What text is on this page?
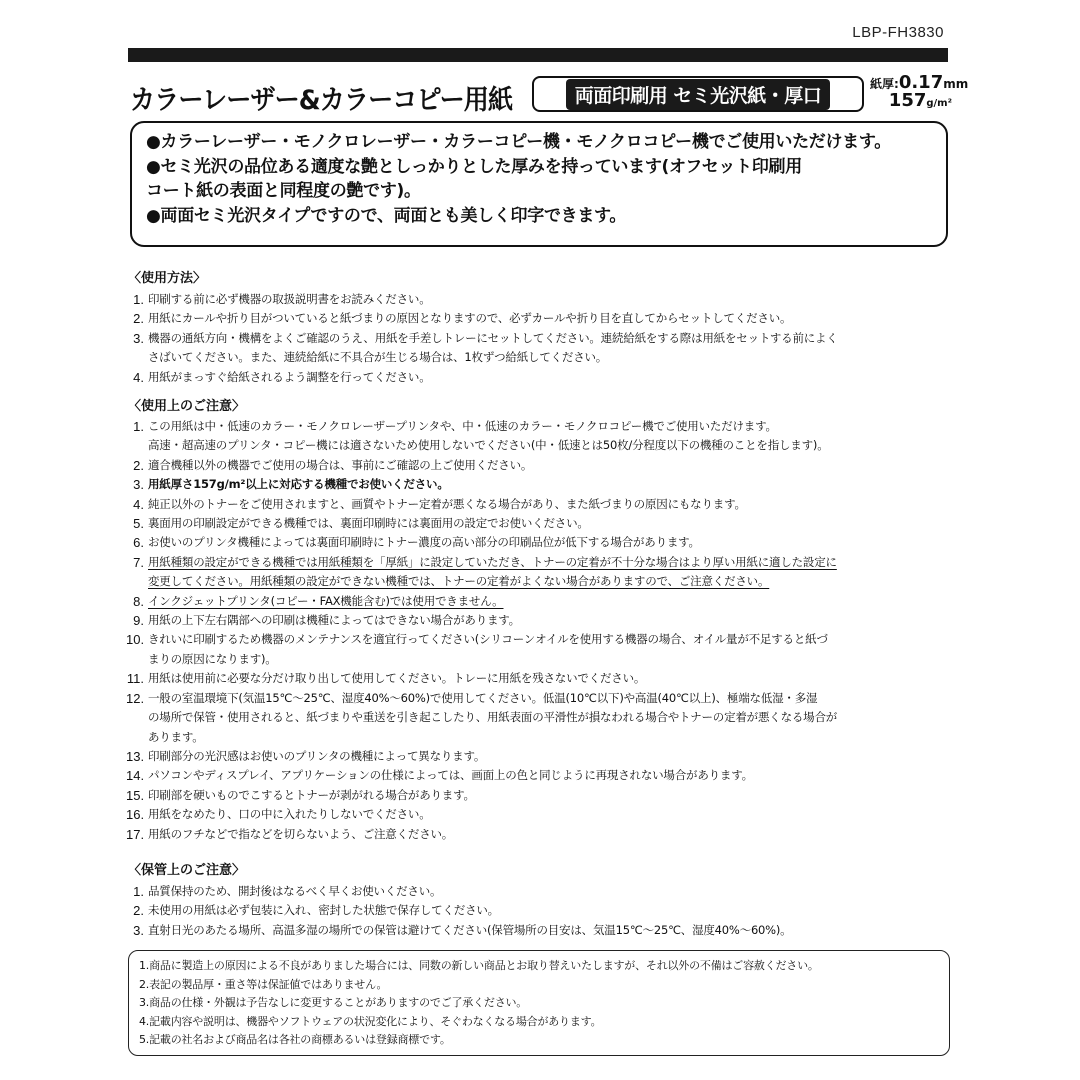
LBP-FH3830
カラーレーザー&カラーコピー用紙	両面印刷用 セミ光沢紙・厚口
紙厚:0.17mm
157g/m²
●カラーレーザー・モノクロレーザー・カラーコピー機・モノクロコピー機でご使用いただけます。
●セミ光沢の品位ある適度な艶としっかりとした厚みを持っています(オフセット印刷用
コート紙の表面と同程度の艶です)。
●両面セミ光沢タイプですので、両面とも美しく印字できます。
〈使用方法〉
1. 印刷する前に必ず機器の取扱説明書をお読みください。
2. 用紙にカールや折り目がついていると紙づまりの原因となりますので、必ずカールや折り目を直してからセットしてください。
3. 機器の通紙方向・機構をよくご確認のうえ、用紙を手差しトレーにセットしてください。連続給紙をする際は用紙をセットする前によく
さばいてください。また、連続給紙に不具合が生じる場合は、1枚ずつ給紙してください。
4. 用紙がまっすぐ給紙されるよう調整を行ってください。
〈使用上のご注意〉
1. この用紙は中・低速のカラー・モノクロレーザープリンタや、中・低速のカラー・モノクロコピー機でご使用いただけます。
高速・超高速のプリンタ・コピー機には適さないため使用しないでください(中・低速とは50枚/分程度以下の機種のことを指します)。
2. 適合機種以外の機器でご使用の場合は、事前にご確認の上ご使用ください。
3. 用紙厚さ157g/m²以上に対応する機種でお使いください。
4. 純正以外のトナーをご使用されますと、画質やトナー定着が悪くなる場合があり、また紙づまりの原因にもなります。
5. 裏面用の印刷設定ができる機種では、裏面印刷時には裏面用の設定でお使いください。
6. お使いのプリンタ機種によっては裏面印刷時にトナー濃度の高い部分の印刷品位が低下する場合があります。
7. 用紙種類の設定ができる機種では用紙種類を「厚紙」に設定していただき、トナーの定着が不十分な場合はより厚い用紙に適した設定に
変更してください。用紙種類の設定ができない機種では、トナーの定着がよくない場合がありますので、ご注意ください。
8. インクジェットプリンタ(コピー・FAX機能含む)では使用できません。
9. 用紙の上下左右隅部への印刷は機種によってはできない場合があります。
10. きれいに印刷するため機器のメンテナンスを適宜行ってください(シリコーンオイルを使用する機器の場合、オイル量が不足すると紙づ
まりの原因になります)。
11. 用紙は使用前に必要な分だけ取り出して使用してください。トレーに用紙を残さないでください。
12. 一般の室温環境下(気温15℃〜25℃、湿度40%〜60%)で使用してください。低温(10℃以下)や高温(40℃以上)、極端な低湿・多湿
の場所で保管・使用されると、紙づまりや重送を引き起こしたり、用紙表面の平滑性が損なわれる場合やトナーの定着が悪くなる場合が
あります。
13. 印刷部分の光沢感はお使いのプリンタの機種によって異なります。
14. パソコンやディスプレイ、アプリケーションの仕様によっては、画面上の色と同じように再現されない場合があります。
15. 印刷部を硬いものでこするとトナーが剥がれる場合があります。
16. 用紙をなめたり、口の中に入れたりしないでください。
17. 用紙のフチなどで指などを切らないよう、ご注意ください。
〈保管上のご注意〉
1. 品質保持のため、開封後はなるべく早くお使いください。
2. 未使用の用紙は必ず包装に入れ、密封した状態で保存してください。
3. 直射日光のあたる場所、高温多湿の場所での保管は避けてください(保管場所の目安は、気温15℃〜25℃、湿度40%〜60%)。
1.商品に製造上の原因による不良がありました場合には、同数の新しい商品とお取り替えいたしますが、それ以外の不備はご容赦ください。
2.表記の製品厚・重さ等は保証値ではありません。
3.商品の仕様・外観は予告なしに変更することがありますのでご了承ください。
4.記載内容や説明は、機器やソフトウェアの状況変化により、そぐわなくなる場合があります。
5.記載の社名および商品名は各社の商標あるいは登録商標です。
